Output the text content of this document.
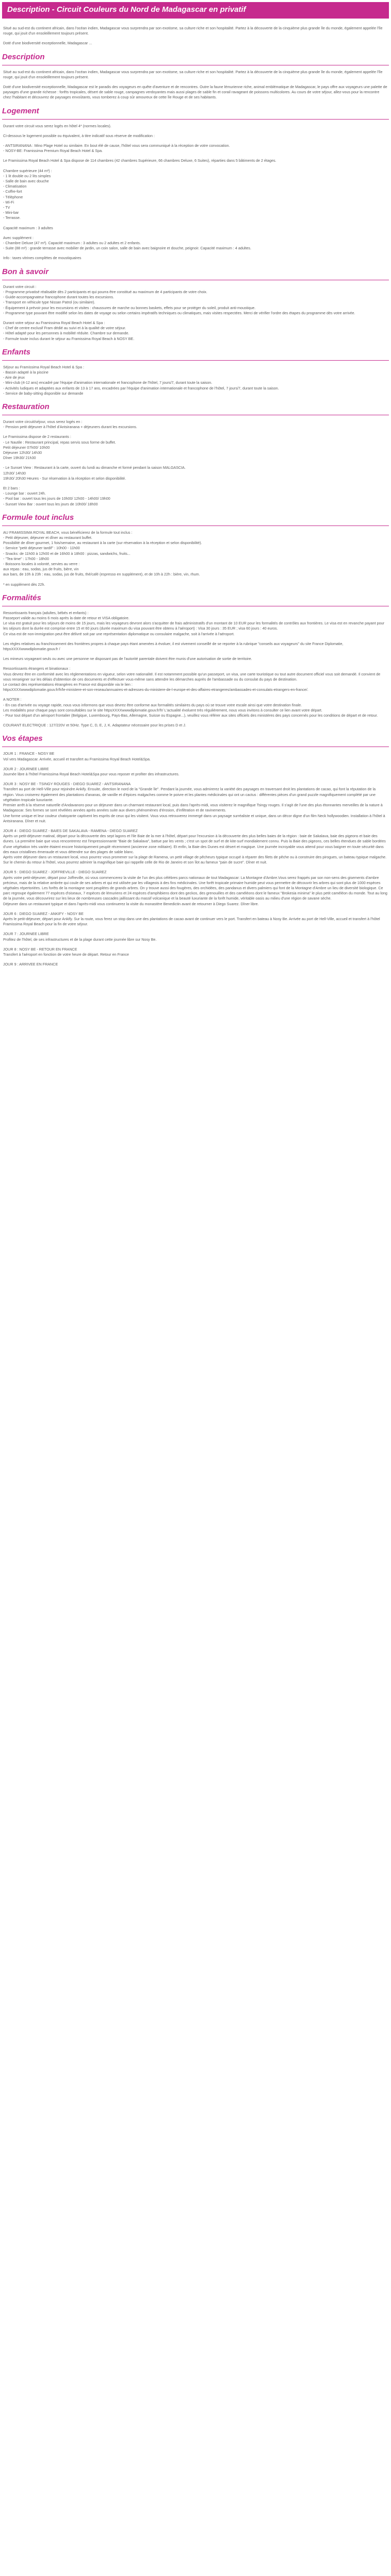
Description - Circuit Couleurs du Nord de Madagascar en privatif
Situé au sud-est du continent africain, dans l'océan indien, Madagascar vous surprendra par son exotisme, sa culture riche et son hospitalité. Partez à la découverte de la cinquième plus grande île du monde, également appelée l'île rouge, qui jouit d'un ensoleillement toujours présent.
Doté d'une biodiversité exceptionnelle, Madagascar ...
Description
Situé au sud-est du continent africain, dans l'océan indien, Madagascar vous surprendra par son exotisme, sa culture riche et son hospitalité. Partez à la découverte de la cinquième plus grande île du monde, également appelée l'île rouge, qui jouit d'un ensoleillement toujours présent.
Doté d'une biodiversité exceptionnelle, Madagascar est le paradis des voyageurs en quête d'aventure et de rencontres. Outre la faune lémurienne riche, animal emblématique de Madagascar, le pays offre aux voyageurs une palette de paysages d'une grande richesse : forêts tropicales, désert de sable rouge, campagnes verdoyantes mais aussi plages de sable fin et corail ravageant de poissons multicolores. Au cours de votre séjour, allez-vous pour la rencontre chez l'habitant et découvrez de paysages envoûtants, vous tomberez à coup sûr amoureux de cette île Rouge et de ses habitants.
Logement
Durant votre circuit vous serez logés en hôtel 4* (normes locales).
Ci-dessous le logement possible ou équivalent, à titre indicatif sous réserve de modification :
- ANTSIRANANA : Mino Plage Hotel ou similaire. En bout élé de cause, l'hôtel vous sera communiqué à la réception de votre convocation.
- NOSY-BE: Framissima Premium Royal Beach Hotel & Spa.
Le Framissima Royal Beach Hotel & Spa dispose de 114 chambres (42 chambres Supérieure, 66 chambres Deluxe, 6 Suites), réparties dans 5 bâtiments de 2 étages.
Chambre supérieure (44 m²) :
- 1 lit double ou 2 lits simples
- Salle de bain avec douche
- Climatisation
- Coffre-fort
- Téléphone
- Wi-Fi
- TV
- Mini-bar
- Terrasse.
Capacité maximum : 3 adultes
Avec supplément :
- Chambre Deluxe (47 m²). Capacité maximum : 3 adultes ou 2 adultes et 2 enfants.
- Suite (88 m²) : grande terrasse avec mobilier de jardin, un coin salon, salle de bain avec baignoire et douche, peignoir. Capacité maximum : 4 adultes.
Info : taxes vitrines complètes de moustiquaires
Bon à savoir
Durant votre circuit :
- Programme privatisé réalisable dès 2 participants et qui pourra être constitué au maximum de 4 participants de votre choix.
- Guide-accompagnateur francophone durant toutes les excursions.
- Transport en véhicule type Nissan Patrol (ou similaire).
- Équipement à prévoir pour les excursions et visites : chaussures de marche ou bonnes baskets, effets pour se protéger du soleil, produit anti-moustique.
- Programme type pouvant être modifié selon les dates de voyage ou selon certains impératifs techniques ou climatiques, mais visites respectées. Merci de vérifier l'ordre des étapes du programme dès votre arrivée.
Durant votre séjour au Framissima Royal Beach Hotel & Spa :
- Chef de centre exclusif Fram dédié au suivi et à la qualité de votre séjour.
- Hôtel adapté pour les personnes à mobilité réduite. Chambre sur demande.
- Formule toute inclus durant le séjour au Framissima Royal Beach à NOSY BE.
Enfants
Séjour au Framissima Royal Beach Hotel & Spa :
- Bassin adapté à la piscine
- Aire de jeux
- Mini-club (4-12 ans) encadré par l'équipe d'animation internationale et francophone de l'hôtel, 7 jours/7, durant toute la saison.
- Activités ludiques et adaptées aux enfants de 13 à 17 ans, encadrées par l'équipe d'animation internationale et francophone de l'hôtel, 7 jours/7, durant toute la saison.
- Service de baby-sitting disponible sur demande
Restauration
Durant votre circuit/séjour, vous serez logés en :
- Pension petit déjeuner à l'hôtel d'Antsiranana + déjeuners durant les excursions.
Le Framissima dispose de 2 restaurants :
- Le Nautile : Restaurant principal, repas servis sous forme de buffet.
Petit déjeuner 07h00/ 10h00
Déjeuner 12h30/ 14h30
Dîner 19h30/ 21h30
- Le Sunset View : Restaurant à la carte, ouvert du lundi au dimanche et formé pendant la saison MALGASCIA.
12h30/ 14h30
19h30/ 20h30 Heures - Sur réservation à la réception et selon disponibilité.
Et 2 bars :
- Lounge bar : ouvert 24h.
- Pool bar : ouvert tous les jours de 10h00/ 12h00 - 14h00/ 19h00
- Sunset View Bar : ouvert tous les jours de 10h00/ 18h00
Formule tout inclus
AU FRAMISSIMA ROYAL BEACH, vous bénéficierez de la formule tout inclus :
- Petit déjeuner, déjeuner et dîner au restaurant buffet.
Possibilité de dîner gourmet, 1 fois/semaine, au restaurant à la carte (sur réservation à la réception et selon disponibilité).
- Service "petit déjeuner tardif" : 10h00 - 11h00
- Snacks: de 11h00 à 12h00 et de 16h00 à 18h00 : pizzas, sandwichs, fruits...
- "Tea time" : 17h00 - 18h00
- Boissons locales à volonté, servies au verre :
aux repas : eau, sodas, jus de fruits, bière, vin
aux bars, de 10h à 23h : eau, sodas, jus de fruits, thé/café (espresso en supplément), et de 10h à 22h : bière, vin, rhum.
* en supplément dès 22h.
Formalités
Ressortissants français (adultes, bébés et enfants) :
Passeport valide au moins 6 mois après la date de retour et VISA obligatoire.
Le visa est gratuit pour les séjours de moins de 15 jours, mais les voyageurs devront alors s'acquitter de frais administratifs d'un montant de 10 EUR pour les formalités de contrôles aux frontières. Le visa est en revanche payant pour les séjours dont la durée est comprise entre 15 et 60 jours (durée maximum du visa pouvant être obtenu à l'aéroport) : Visa 30 jours : 35 EUR ; visa 60 jours : 40 euros.
Ce visa est de non-immigration peut être délivré soit par une représentation diplomatique ou consulaire malgache, soit à l'arrivée à l'aéroport.
Les règles relatives au franchissement des frontières propres à chaque pays étant amenées à évoluer, il est vivement conseillé de se reporter à la rubrique "conseils aux voyageurs" du site France Diplomatie,
httpsXXXXwwwdiplomatie.gouv.fr /
Les mineurs voyageant seuls ou avec une personne ne disposant pas de l'autorité parentale doivent être munis d'une autorisation de sortie de territoire.
Ressortissants étrangers et binationaux :
Vous devrez être en conformité avec les réglementations en vigueur, selon votre nationalité. Il est notamment possible qu'un passeport, un visa, une carte touristique ou tout autre document officiel vous soit demandé. Il convient de vous renseigner sur les délais d'obtention de ces documents et d'effectuer vous-même sans attendre les démarches auprès de l'ambassade ou du consulat du pays de destination.
Le contact des représentations étrangères en France est disponible via le lien :
httpsXXXXwwwdiplomatie.gouv.fr/fr/le-ministere-et-son-reseau/annuaires-et-adresses-du-ministere-de-l-europe-et-des-affaires-etrangeres/ambassades-et-consulats-etrangers-en-france/.
A NOTER :
- En cas d'arrivée ou voyage rapide, nous vous informons que vous devrez être conforme aux formalités similaires du pays où se trouve votre escale ainsi que votre destination finale.
Les modalités pour chaque pays sont consultables sur le site httpsXXXXwwwdiplomatie.gouv.fr/fr/ L'actualité évoluent très régulièrement, nous vous invitons à consulter ce lien avant votre départ.
- Pour tout départ d'un aéroport frontalier (Belgique, Luxembourg, Pays-Bas, Allemagne, Suisse ou Espagne...), veuillez vous référer aux sites officiels des ministères des pays concernés pour les conditions de départ et de retour.
COURANT ELECTRIQUE : 127/220V et 50Hz. Type C, D, E, J, K. Adaptateur nécessaire pour les prises D et J.
Vos étapes
JOUR 1 : FRANCE - NOSY BE
Vol vers Madagascar. Arrivée, accueil et transfert au Framissima Royal Beach Hotel&Spa.
JOUR 2 : JOURNEE LIBRE
Journée libre à l'hôtel Framissima Royal Beach Hotel&Spa pour vous reposer et profiter des infrastructures.
JOUR 3 : NOSY BE - TSINGY ROUGES - DIEGO SUAREZ - ANTSIRANANA
Transfert au port de Hell-Ville pour rejoindre Ankify. Ensuite, direction le nord de la "Grande île". Pendant la journée, vous admirerez la variété des paysages en traversant droit les plantations de cacao, qui font la réputation de la région. Vous croiserez également des plantations d'ananas, de vanille et d'épices malgaches comme le poivre et les plantes médicinales qui ont un cactus : différentes pièces d'un grand puzzle magnifiquement complété par une végétation tropicale luxuriante.
Premier arrêt à la réserve naturelle d'Andavanoro pour un déjeuner dans un charmant restaurant local, puis dans l'après-midi, vous visiterez le magnifique Tsingy rouges. Il s'agit de l'une des plus étonnantes merveilles de la nature à Madagascar. Ses formes se sont révélées années après années suite aux divers phénomènes d'érosion, d'infiltration et de ravinements.
Une forme unique et leur couleur chatoyante captivent les esprits de ceux qui les visitent. Vous vous retrouverez immergé dans un paysage surréaliste et unique, dans un décor digne d'un film Neck hollywoodien. Installation à l'hôtel à Antsiranana. Dîner et nuit.
JOUR 4 : DIEGO SUAREZ - BAIES DE SAKALAVA - RAMENA - DIEGO SUAREZ
Après un petit-déjeuner matinal, départ pour la découverte des sept lagons et l'ile Baie de la mer à l'hôtel, départ pour l'excursion à la découverte des plus belles baies de la région : baie de Sakalava, baie des pigeons et baie des dunes. La première baie que vous rencontrerez est l'impressionnante "Baie de Sakalava", battue par les vents ; c'est un spot de surf et de kite-surf mondialement connu. Puis la Baie des pigeons, ces belles étendues de sable bordées d'une végétation très variée étaient encore historiquement peuplé récemment (ancienne zone militaire). Et enfin, la Baie des Dunes est désert et magique. Une journée incroyable vous attend pour vous baigner en toute sécurité dans des eaux cristallines émeraude et vous détendre sur des plages de sable blanc.
Après votre déjeuner dans un restaurant local, vous pourrez vous promener sur la plage de Ramena, un petit village de pêcheurs typique occupé à réparer des filets de pêche ou à construire des pirogues, un bateau typique malgache. Sur le chemin du retour à l'hôtel, vous pourrez admirer la magnifique baie qui rappelle celle de Rio de Janeiro et son îlot au fameux "pain de sucre". Dîner et nuit.
JOUR 5 : DIEGO SUAREZ - JOFFREVILLE - DIEGO SUAREZ
Après votre petit-déjeuner, départ pour Joffreville, où vous commencerez la visite de l'un des plus célèbres parcs nationaux de tout Madagascar: La Montagne d'Ambre.Vous serez frappés par son non-sens des gisements d'ambre précieux, mais de la relative ambrée qui coule de ses arbres et qui est utilisée par les villageois à des fins médicinales. Une forêt tropicale primaire humide peut vous permettre de découvrir les arbres qui sont plus de 1000 espèces végétales répertoriées. Les forêts de la montagne sont peuplées de grands arbres. On y trouve aussi des fougères, des orchidées, des pandanus et divers palmiers qui font de la Montagne d'Ambre un lieu de diversité biologique. Ce parc regroupe également 77 espèces d'oiseaux, 7 espèces de lémuriens et 24 espèces d'amphibiens dont des geckos, des grenouilles et des caméléons dont le fameux "Brokesia minima" le plus petit caméléon du monde. Tout au long de la journée, vous découvrirez sur les lieux de nombreuses cascades jaillissant du massif volcanique et la beauté luxuriante de la forêt humide, véritable oasis au milieu d'une région de savane sèche.
Déjeuner dans un restaurant typique et dans l'après-midi vous continuerez la visite du monastère Benedictin avant de retourner à Diego Suarez. Dîner libre.
JOUR 6 : DIEGO SUAREZ - ANKIFY - NOSY BE
Après le petit-déjeuner, départ pour Ankify. Sur la route, vous ferez un stop dans une des plantations de cacao avant de continuer vers le port. Transfert en bateau à Nosy Be. Arrivée au port de Hell-Ville, accueil et transfert à l'hôtel Framissima Royal Beach pour la fin de votre séjour.
JOUR 7 : JOURNEE LIBRE
Profitez de l'hôtel, de ses infrastructures et de la plage durant cette journée libre sur Nosy Be.
JOUR 8 : NOSY BE - RETOUR EN FRANCE
Transfert à l'aéroport en fonction de votre heure de départ. Retour en France
JOUR 9 : ARRIVEE EN FRANCE
